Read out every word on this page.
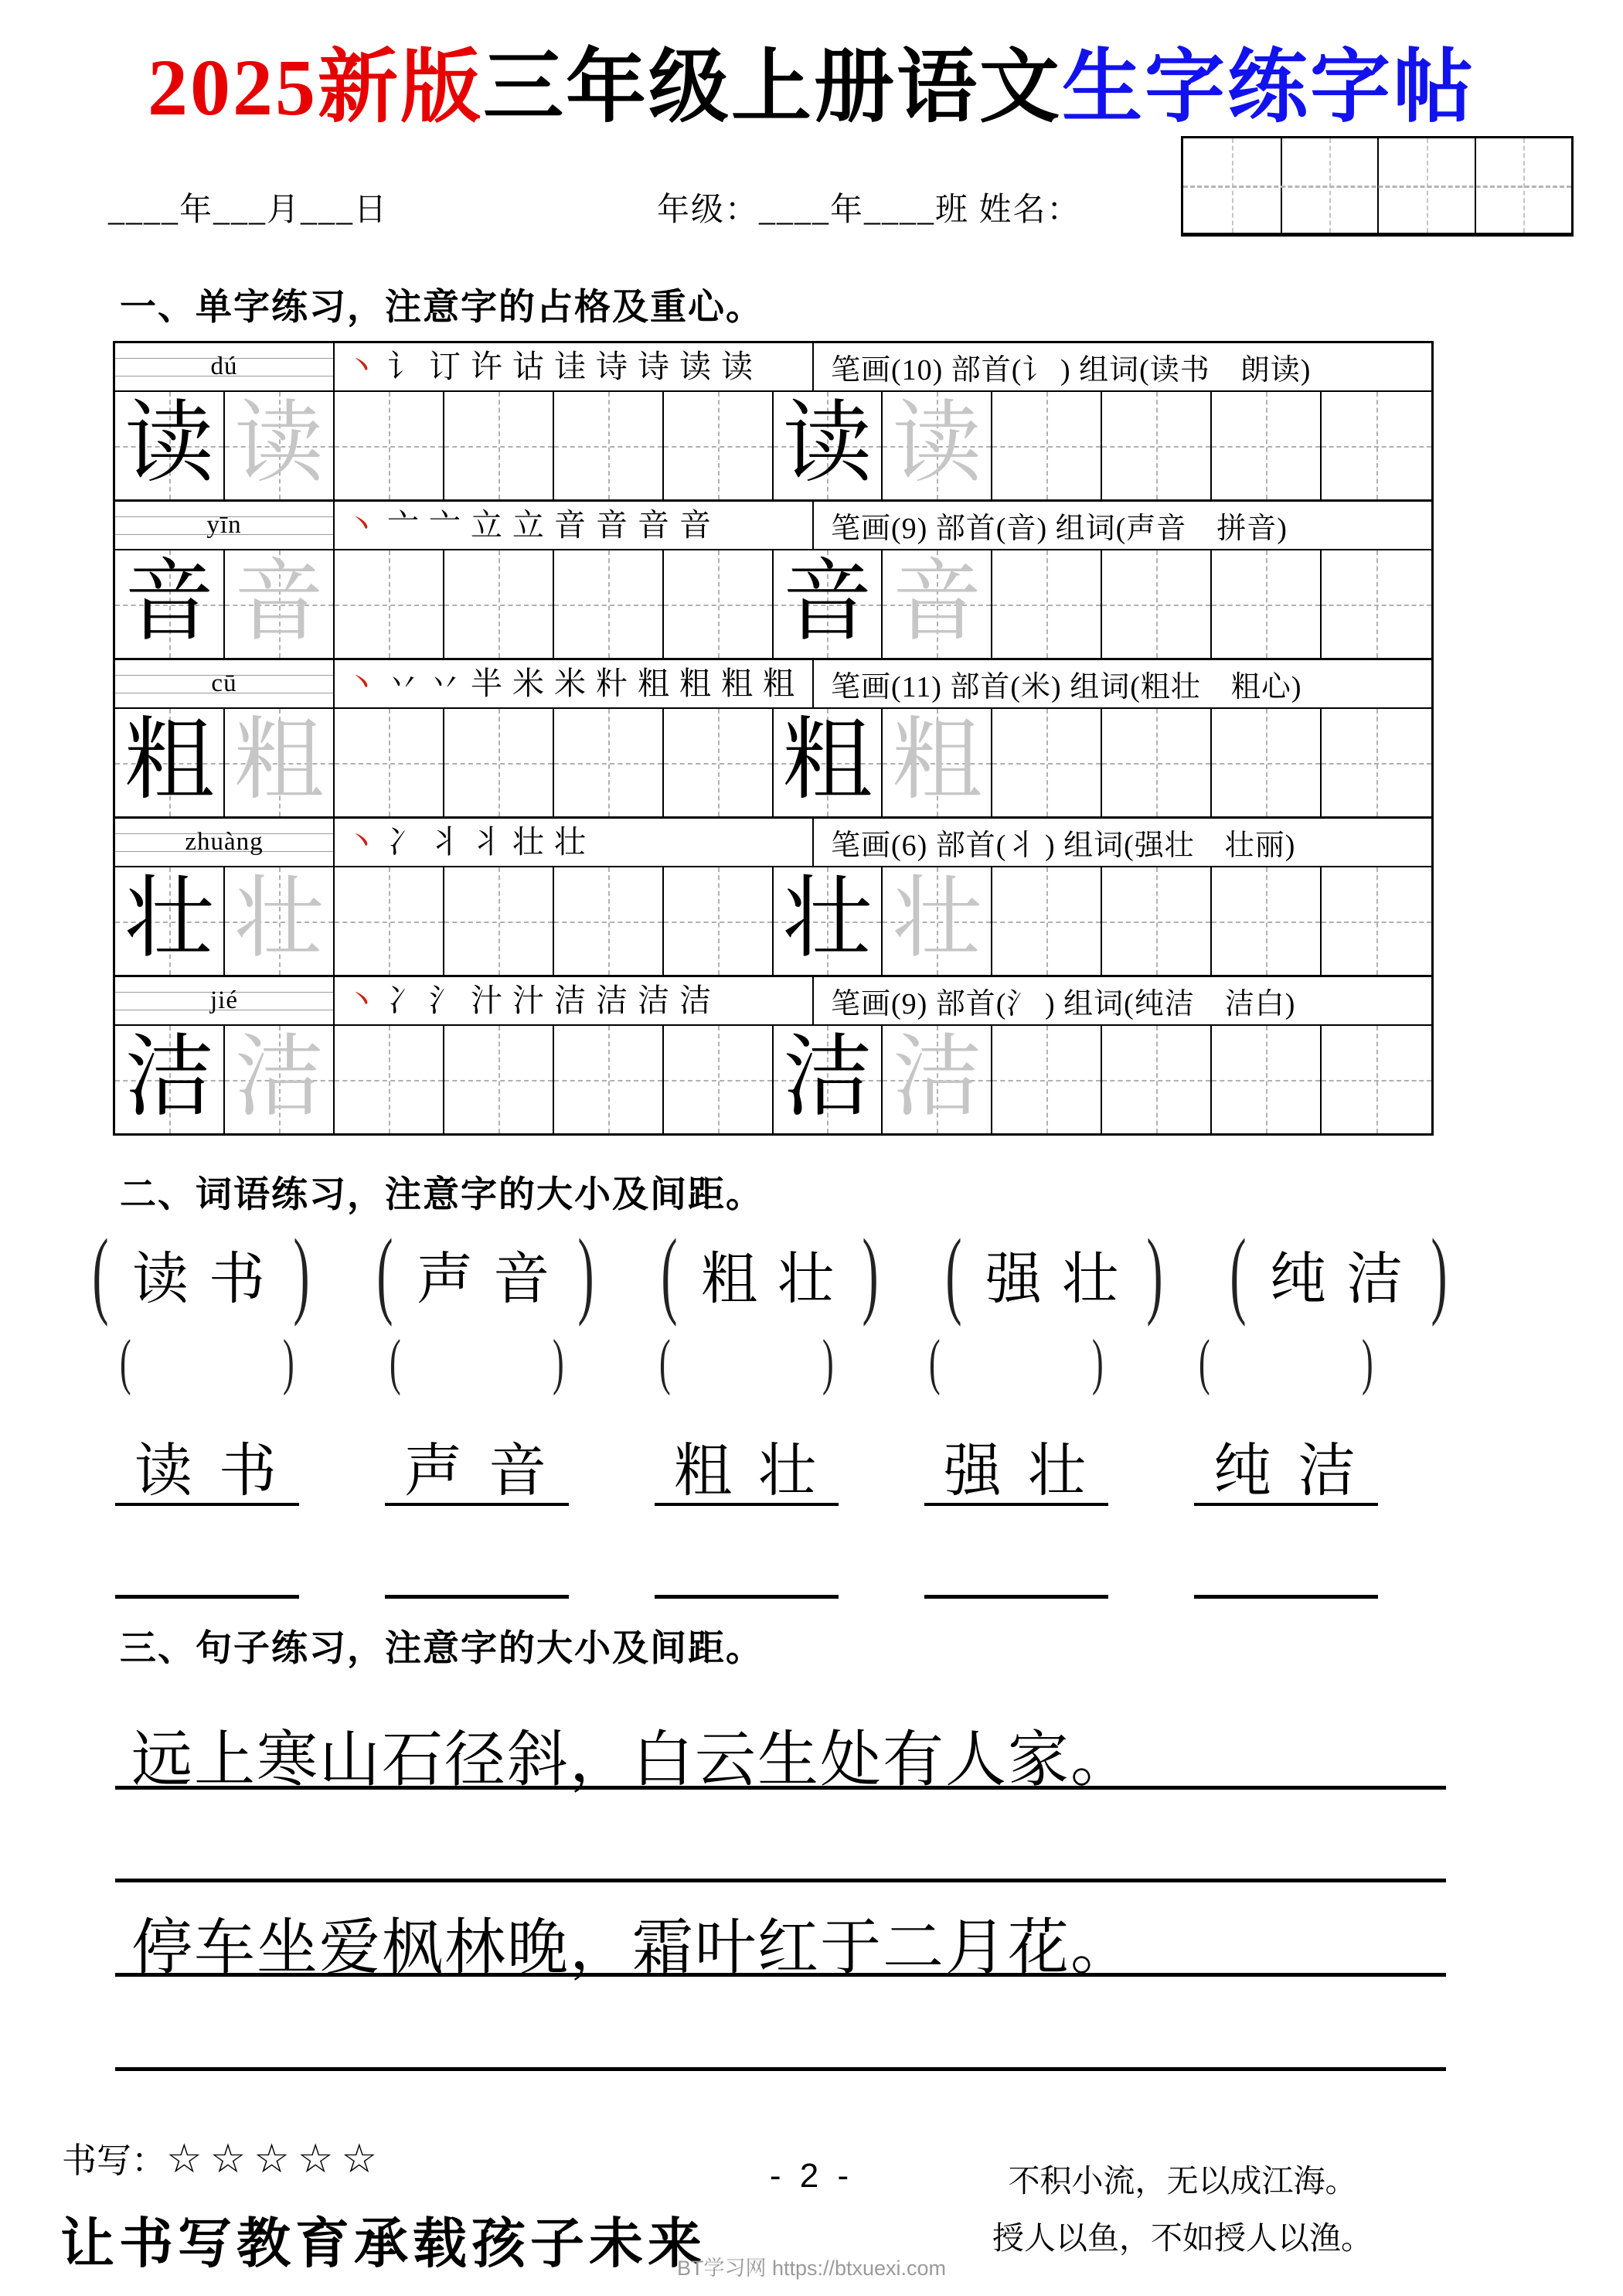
2025新版三年级上册语文生字练字帖
____年___月___日	年级：____年____班 姓名：
一、单字练习，注意字的占格及重心。
dú	丶 讠 订 许 诂 诖 诗 诗 读 读	笔画(10) 部首(讠 ) 组词(读书　朗读)
读 读	读 读
yīn	丶 亠 亠 立 立 音 音 音 音	笔画(9) 部首(音) 组词(声音　拼音)
音 音	音 音
cū	丶 丷 丷 半 米 米 籵 粗 粗 粗 粗	笔画(11) 部首(米) 组词(粗壮　粗心)
粗 粗	粗 粗
zhuàng	丶 冫 丬 丬 壮 壮	笔画(6) 部首(丬 ) 组词(强壮　壮丽)
壮 壮	壮 壮
jié	丶 冫 氵 汁 汁 洁 洁 洁 洁	笔画(9) 部首(氵 ) 组词(纯洁　洁白)
洁 洁	洁 洁
二、词语练习，注意字的大小及间距。
( 读书 )
( )
读书
( 声音 )
( )
声音
( 粗壮 )
( )
粗壮
( 强壮 )
( )
强壮
( 纯洁 )
( )
纯洁
三、句子练习，注意字的大小及间距。
远上寒山石径斜，白云生处有人家。
停车坐爱枫林晚，霜叶红于二月花。
书写：☆☆☆☆☆	- 2 -	不积小流，无以成江海。
授人以鱼，不如授人以渔。
让书写教育承载孩子未来
BT学习网 https://btxuexi.com
